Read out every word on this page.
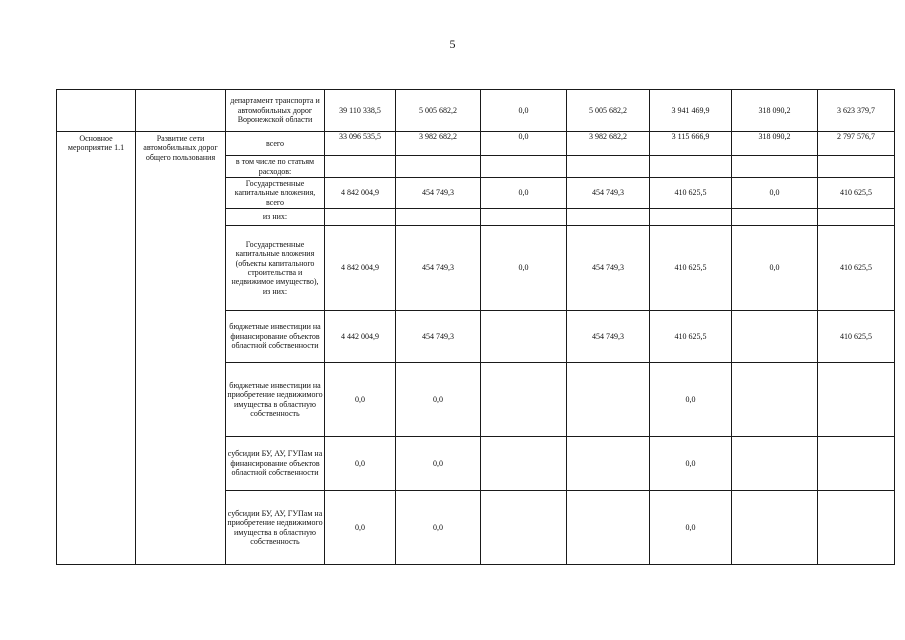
5
		департамент транспорта и автомобильных дорог Воронежской области	39 110 338,5	5 005 682,2	0,0	5 005 682,2	3 941 469,9	318 090,2	3 623 379,7
Основное мероприятие 1.1	Развитие сети автомобильных дорог общего пользования	всего	33 096 535,5	3 982 682,2	0,0	3 982 682,2	3 115 666,9	318 090,2	2 797 576,7
		в том числе по статьям расходов:							
		Государственные капитальные вложения, всего	4 842 004,9	454 749,3	0,0	454 749,3	410 625,5	0,0	410 625,5
		из них:							
		Государственные капитальные вложения (объекты капитального строительства и недвижимое имущество), из них:	4 842 004,9	454 749,3	0,0	454 749,3	410 625,5	0,0	410 625,5
		бюджетные инвестиции на финансирование объектов областной собственности	4 442 004,9	454 749,3		454 749,3	410 625,5		410 625,5
		бюджетные инвестиции на приобретение недвижимого имущества в областную собственность	0,0	0,0			0,0		
		субсидии БУ, АУ, ГУПам на финансирование объектов областной собственности	0,0	0,0			0,0		
		субсидии БУ, АУ, ГУПам на приобретение недвижимого имущества в областную собственность	0,0	0,0			0,0		
